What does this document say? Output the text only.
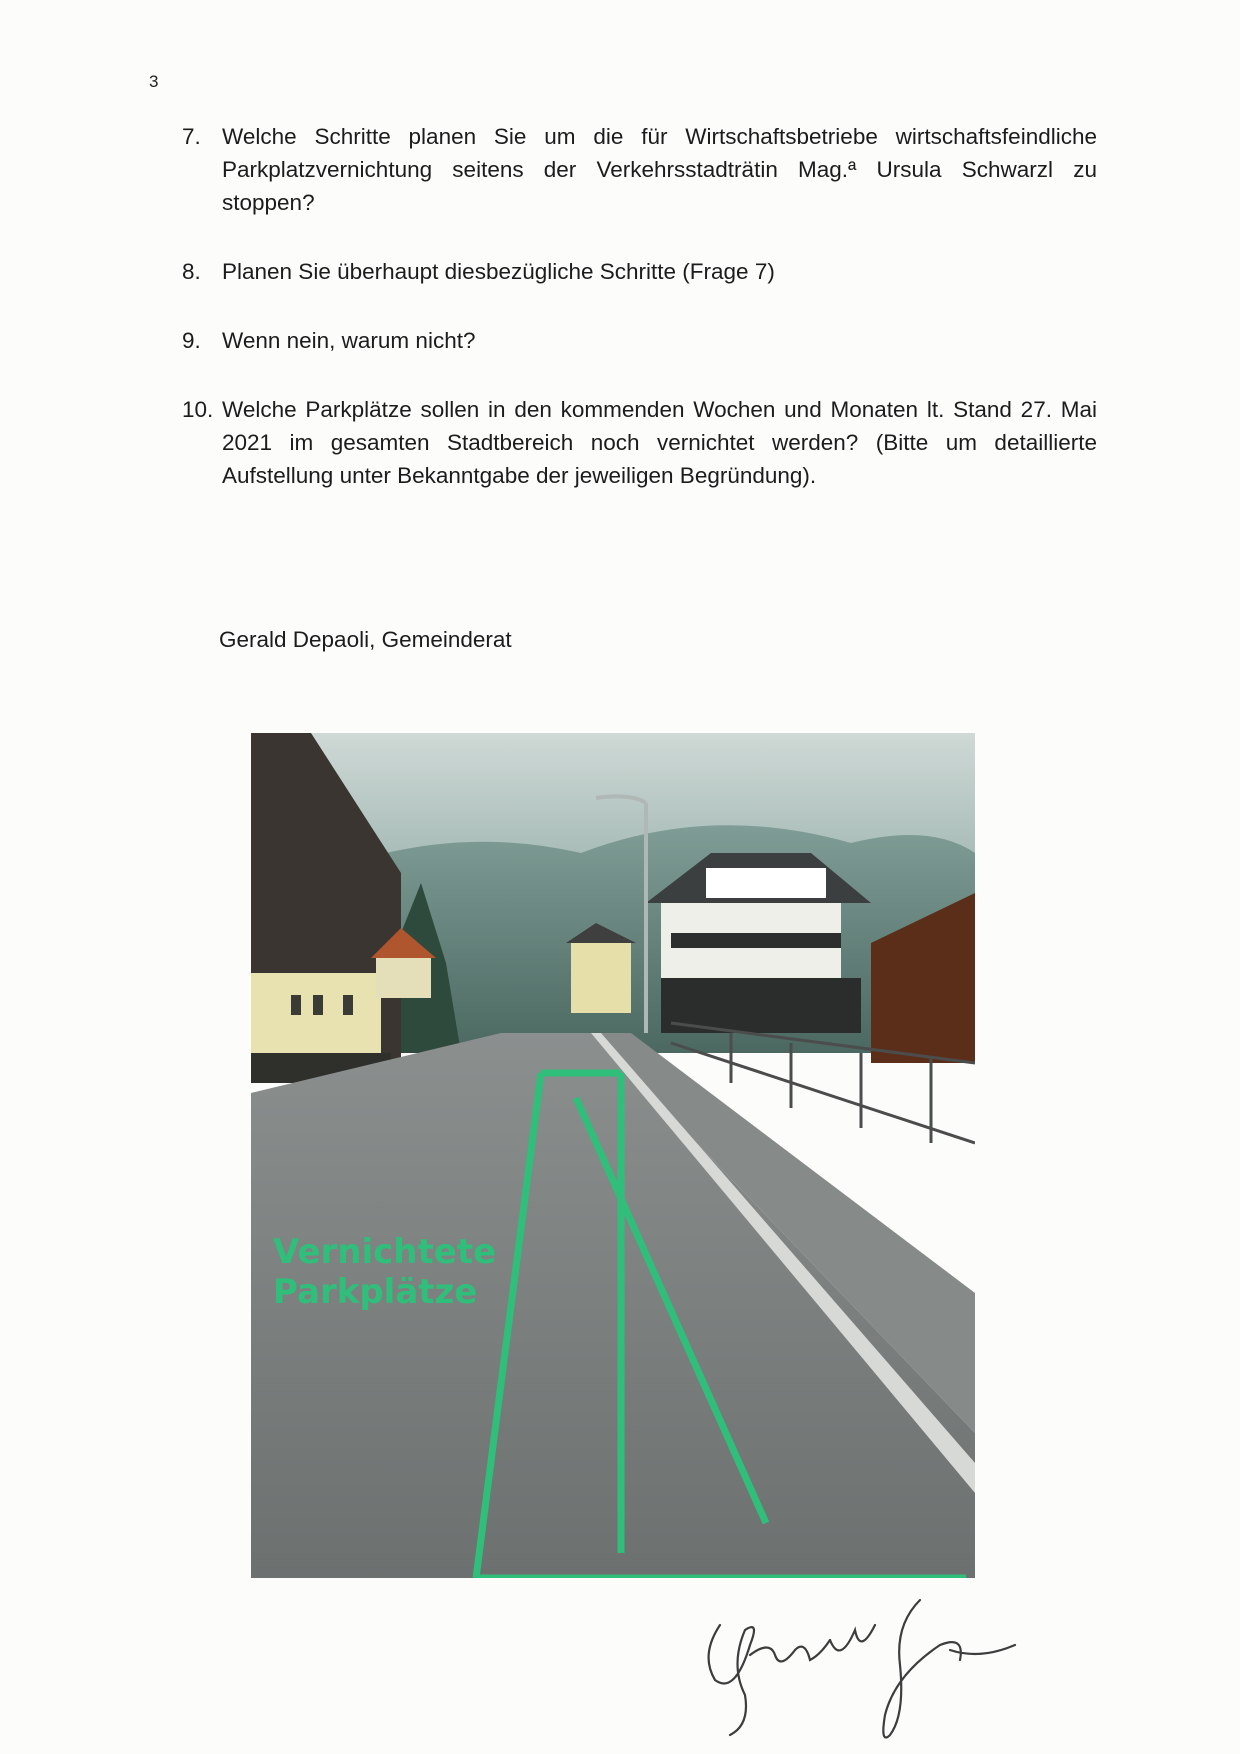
3
7. Welche Schritte planen Sie um die für Wirtschaftsbetriebe wirtschaftsfeindliche Parkplatzvernichtung seitens der Verkehrsstadträtin Mag.ª Ursula Schwarzl zu stoppen?
8. Planen Sie überhaupt diesbezügliche Schritte (Frage 7)
9. Wenn nein, warum nicht?
10. Welche Parkplätze sollen in den kommenden Wochen und Monaten lt. Stand 27. Mai 2021 im gesamten Stadtbereich noch vernichtet werden? (Bitte um detaillierte Aufstellung unter Bekanntgabe der jeweiligen Begründung).
Gerald Depaoli, Gemeinderat
Vernichtete
Parkplätze
